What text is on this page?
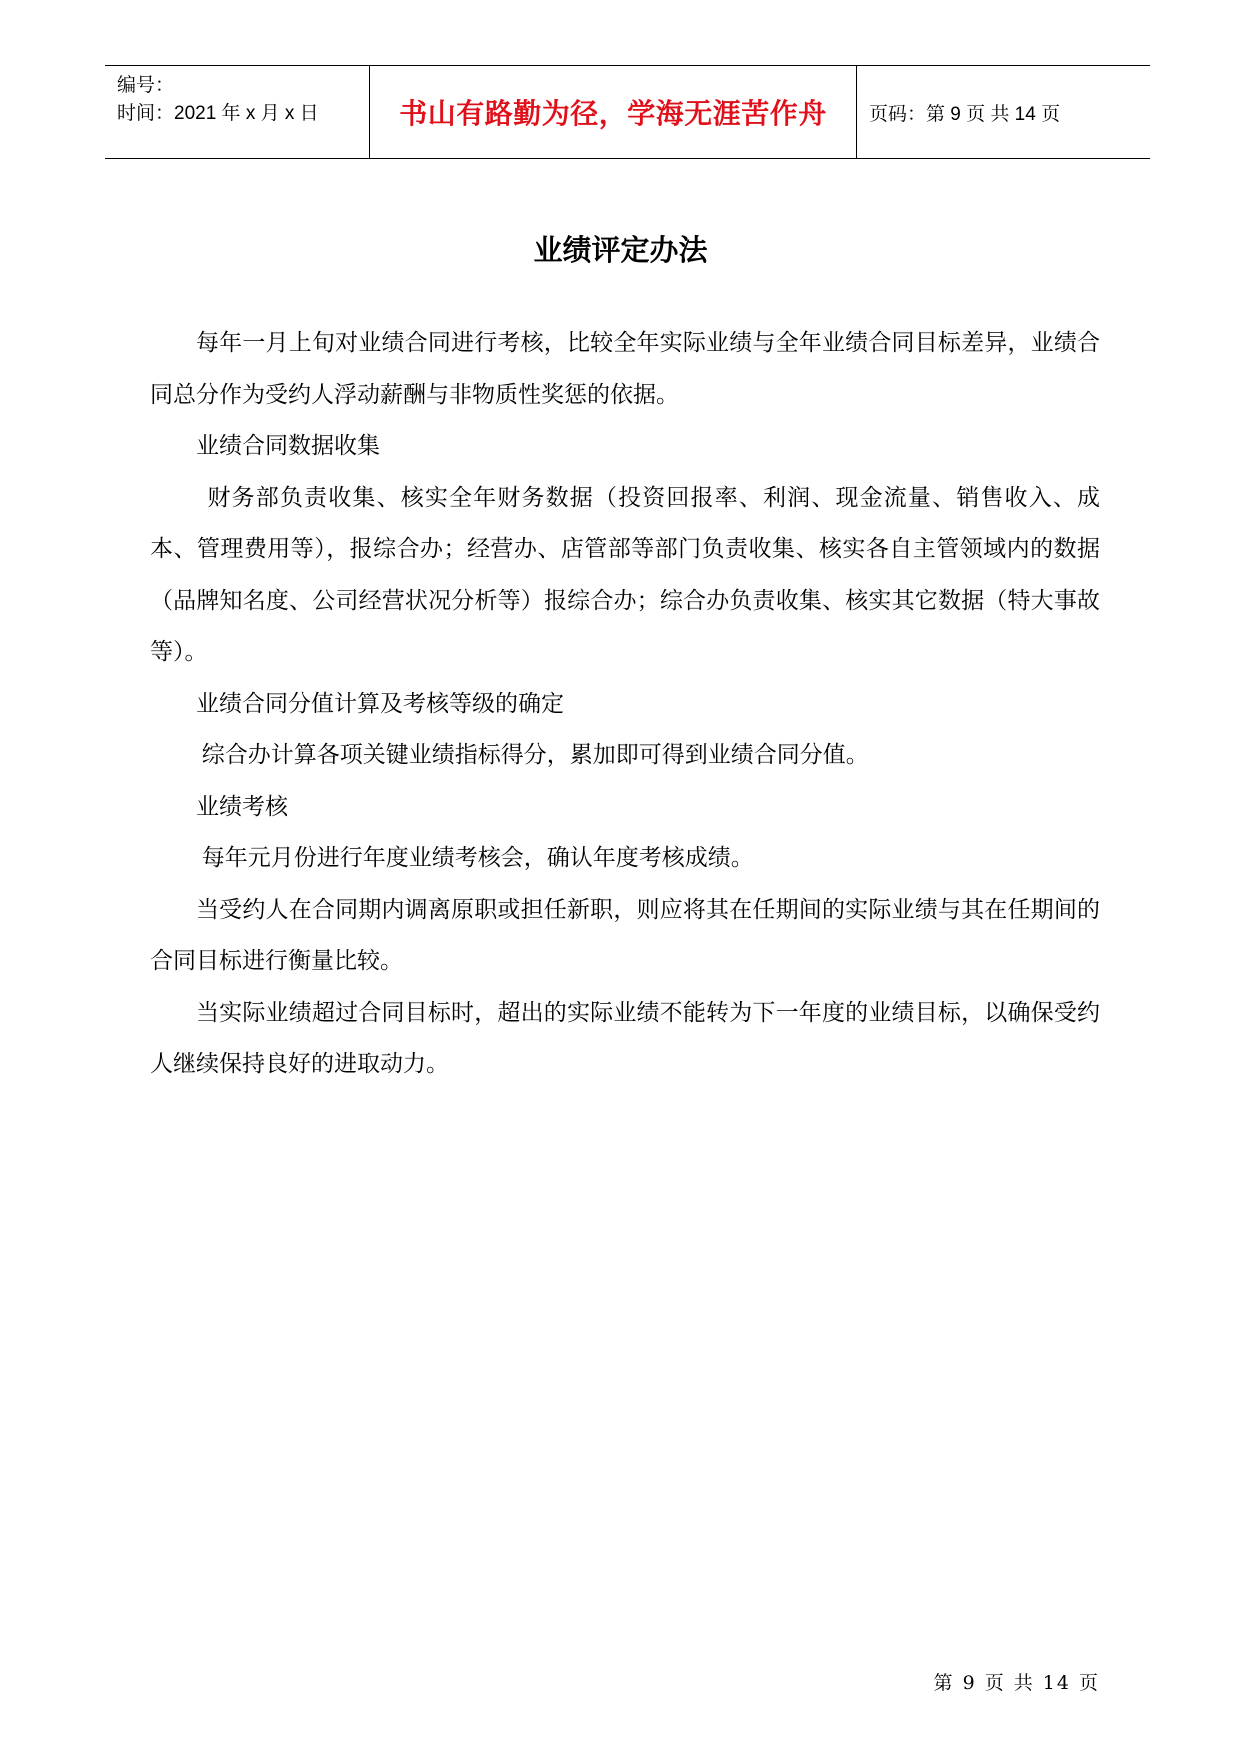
编号：
时间：2021 年 x 月 x 日	书山有路勤为径，学海无涯苦作舟 页码：第 9 页 共 14 页
业绩评定办法

每年一月上旬对业绩合同进行考核，比较全年实际业绩与全年业绩合同目标差异，业绩合同总分作为受约人浮动薪酬与非物质性奖惩的依据。

业绩合同数据收集

财务部负责收集、核实全年财务数据（投资回报率、利润、现金流量、销售收入、成本、管理费用等），报综合办；经营办、店管部等部门负责收集、核实各自主管领域内的数据（品牌知名度、公司经营状况分析等）报综合办；综合办负责收集、核实其它数据（特大事故等）。

业绩合同分值计算及考核等级的确定

综合办计算各项关键业绩指标得分，累加即可得到业绩合同分值。

业绩考核

每年元月份进行年度业绩考核会，确认年度考核成绩。

当受约人在合同期内调离原职或担任新职，则应将其在任期间的实际业绩与其在任期间的合同目标进行衡量比较。

当实际业绩超过合同目标时，超出的实际业绩不能转为下一年度的业绩目标，以确保受约人继续保持良好的进取动力。

第 9 页 共 14 页
